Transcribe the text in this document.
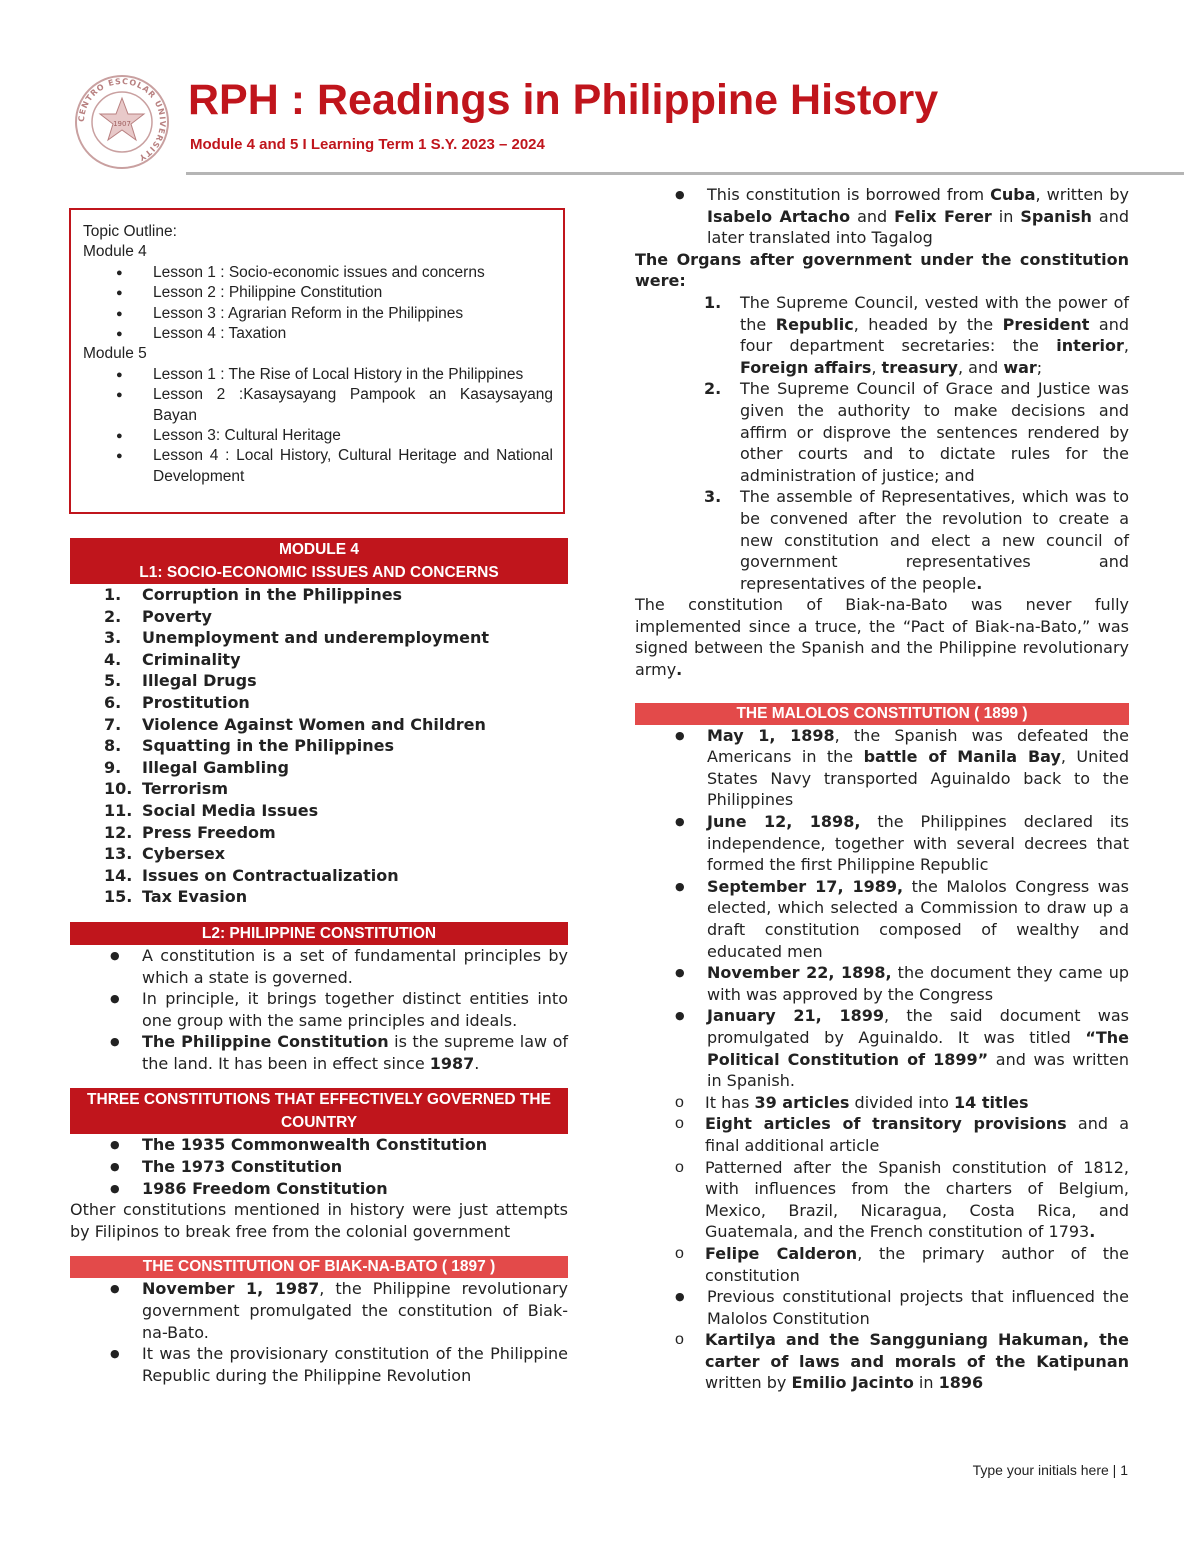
CENTRO ESCOLAR UNIVERSITY
1907 RPH : Readings in Philippine History
Module 4 and 5 I Learning Term 1 S.Y. 2023 – 2024
Topic Outline:
Module 4
● Lesson 1 : Socio-economic issues and concerns
● Lesson 2 : Philippine Constitution
● Lesson 3 : Agrarian Reform in the Philippines
● Lesson 4 : Taxation
Module 5
● Lesson 1 : The Rise of Local History in the Philippines
● Lesson 2 :Kasaysayang Pampook an Kasaysayang Bayan
● Lesson 3: Cultural Heritage
● Lesson 4 : Local History, Cultural Heritage and National Development
MODULE 4
L1: SOCIO-ECONOMIC ISSUES AND CONCERNS
1. Corruption in the Philippines
2. Poverty
3. Unemployment and underemployment
4. Criminality
5. Illegal Drugs
6. Prostitution
7. Violence Against Women and Children
8. Squatting in the Philippines
9. Illegal Gambling
10. Terrorism
11. Social Media Issues
12. Press Freedom
13. Cybersex
14. Issues on Contractualization
15. Tax Evasion
L2: PHILIPPINE CONSTITUTION
● A constitution is a set of fundamental principles by which a state is governed.
● In principle, it brings together distinct entities into one group with the same principles and ideals.
● The Philippine Constitution is the supreme law of the land. It has been in effect since 1987.
THREE CONSTITUTIONS THAT EFFECTIVELY GOVERNED THE COUNTRY
● The 1935 Commonwealth Constitution
● The 1973 Constitution
● 1986 Freedom Constitution

Other constitutions mentioned in history were just attempts by Filipinos to break free from the colonial government

THE CONSTITUTION OF BIAK-NA-BATO ( 1897 )
● November 1, 1987, the Philippine revolutionary government promulgated the constitution of Biak-na-Bato.
● It was the provisionary constitution of the Philippine Republic during the Philippine Revolution
● This constitution is borrowed from Cuba, written by Isabelo Artacho and Felix Ferer in Spanish and later translated into Tagalog

The Organs after government under the constitution were:

1. The Supreme Council, vested with the power of the Republic, headed by the President and four department secretaries: the interior, Foreign affairs, treasury, and war;
2. The Supreme Council of Grace and Justice was given the authority to make decisions and affirm or disprove the sentences rendered by other courts and to dictate rules for the administration of justice; and
3. The assemble of Representatives, which was to be convened after the revolution to create a new constitution and elect a new council of government representatives and representatives of the people.

The constitution of Biak-na-Bato was never fully implemented since a truce, the “Pact of Biak-na-Bato,” was signed between the Spanish and the Philippine revolutionary army.

THE MALOLOS CONSTITUTION ( 1899 )
● May 1, 1898, the Spanish was defeated the Americans in the battle of Manila Bay, United States Navy transported Aguinaldo back to the Philippines
● June 12, 1898, the Philippines declared its independence, together with several decrees that formed the first Philippine Republic
● September 17, 1989, the Malolos Congress was elected, which selected a Commission to draw up a draft constitution composed of wealthy and educated men
● November 22, 1898, the document they came up with was approved by the Congress
● January 21, 1899, the said document was promulgated by Aguinaldo. It was titled “The Political Constitution of 1899” and was written in Spanish.
o It has 39 articles divided into 14 titles
o Eight articles of transitory provisions and a final additional article
o Patterned after the Spanish constitution of 1812, with influences from the charters of Belgium, Mexico, Brazil, Nicaragua, Costa Rica, and Guatemala, and the French constitution of 1793.
o Felipe Calderon, the primary author of the constitution
● Previous constitutional projects that influenced the Malolos Constitution
o Kartilya and the Sangguniang Hakuman, the carter of laws and morals of the Katipunan written by Emilio Jacinto in 1896
Type your initials here | 1
